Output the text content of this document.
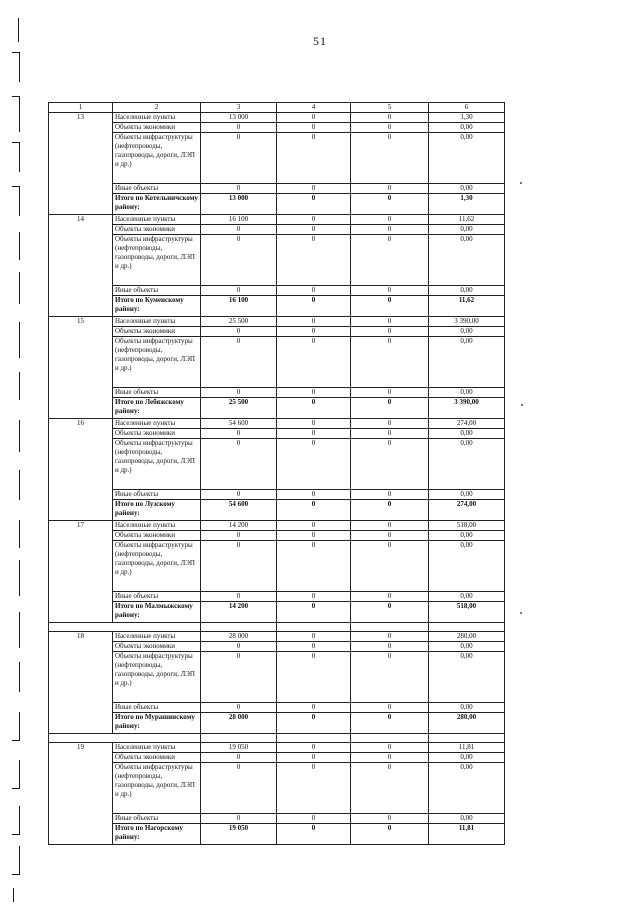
51
1	2	3	4	5	6
13	Населенные пункты	13 000	0	0	1,30
	Объекты экономики	0	0	0	0,00
	Объекты инфраструктуры (нефтепроводы, газопроводы, дороги, ЛЭП и др.)	0	0	0	0,00
	Иные объекты	0	0	0	0,00
	Итого по Котельничскому району:	13 000	0	0	1,30
14	Населенные пункты	16 100	0	0	11,62
	Объекты экономики	0	0	0	0,00
	Объекты инфраструктуры (нефтепроводы, газопроводы, дороги, ЛЭП и др.)	0	0	0	0,00
	Иные объекты	0	0	0	0,00
	Итого по Куменскому району:	16 100	0	0	11,62
15	Населенные пункты	25 500	0	0	3 390,00
	Объекты экономики	0	0	0	0,00
	Объекты инфраструктуры (нефтепроводы, газопроводы, дороги, ЛЭП и др.)	0	0	0	0,00
	Иные объекты	0	0	0	0,00
	Итого по Лебяжскому району:	25 500	0	0	3 390,00
16	Населенные пункты	54 600	0	0	274,00
	Объекты экономики	0	0	0	0,00
	Объекты инфраструктуры (нефтепроводы, газопроводы, дороги, ЛЭП и др.)	0	0	0	0,00
	Иные объекты	0	0	0	0,00
	Итого по Лузскому району:	54 600	0	0	274,00
17	Населенные пункты	14 200	0	0	518,00
	Объекты экономики	0	0	0	0,00
	Объекты инфраструктуры (нефтепроводы, газопроводы, дороги, ЛЭП и др.)	0	0	0	0,00
	Иные объекты	0	0	0	0,00
	Итого по Малмыжскому району:	14 200	0	0	518,00

18	Населенные пункты	28 000	0	0	280,00
	Объекты экономики	0	0	0	0,00
	Объекты инфраструктуры (нефтепроводы, газопроводы, дороги, ЛЭП и др.)	0	0	0	0,00
	Иные объекты	0	0	0	0,00
	Итого по Мурашинскому району:	28 000	0	0	280,00

19	Населенные пункты	19 050	0	0	11,81
	Объекты экономики	0	0	0	0,00
	Объекты инфраструктуры (нефтепроводы, газопроводы, дороги, ЛЭП и др.)	0	0	0	0,00
	Иные объекты	0	0	0	0,00
	Итого по Нагорскому району:	19 050	0	0	11,81
